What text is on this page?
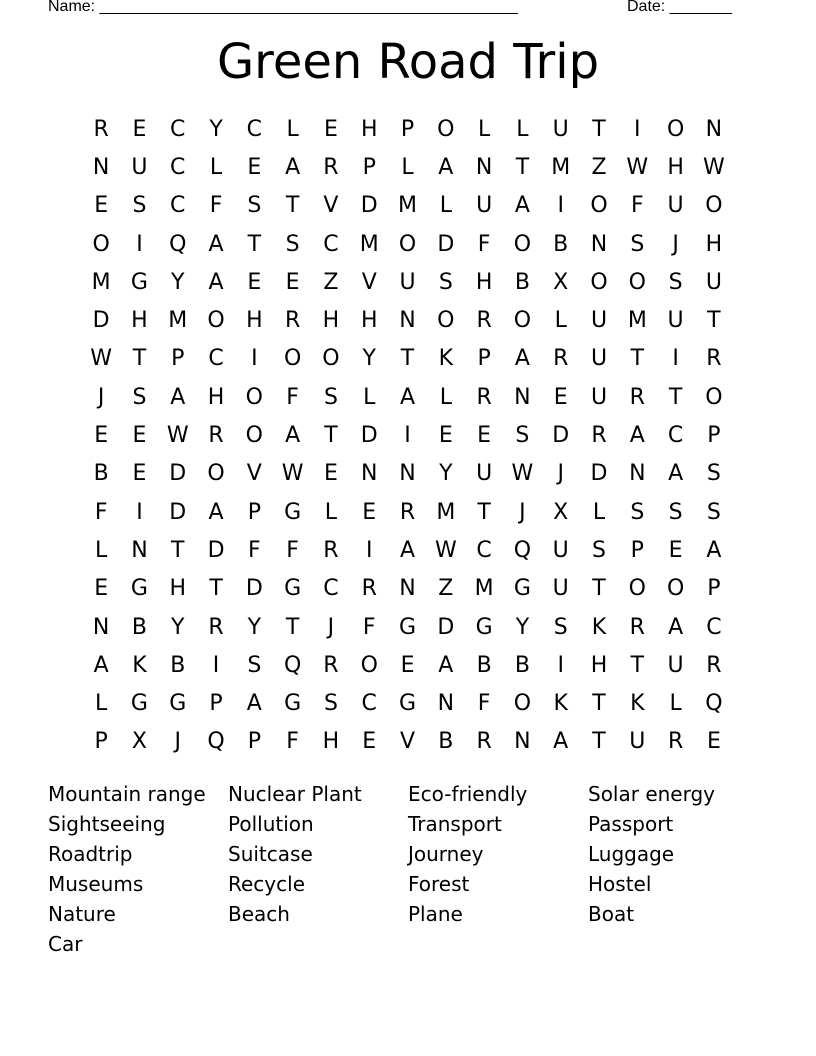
Name: _______________________________________________

	Date: _______

Green Road Trip
R	E	C	Y	C	L	E	H	P	O	L	L	U	T	I	O N
N	U	C	L	E	A	R	P	L	A	N	T	M Z W H W
E	S	C	F	S	T	V	D M	L	U	A	I	O	F	U O
O	I	Q	A	T	S	C M O D	F	O	B	N	S	J	H
M G	Y	A	E	E	Z	V	U	S	H	B	X	O O	S	U
D H M O H	R	H H N O R O	L	U M U	T
W T	P	C	I	O O	Y	T	K	P	A	R	U	T	I	R
J	S	A	H O	F	S	L	A	L	R	N	E	U	R	T	O
E	E W R O	A	T	D	I	E	E	S	D	R	A	C	P
B	E	D O	V W E	N N	Y	U W	J	D N	A	S
F	I	D	A	P	G	L	E	R M	T	J	X	L	S	S	S
L	N	T	D	F	F	R	I	A W C Q U	S	P	E	A
E	G H	T	D G	C	R	N	Z M G U	T	O O	P
N	B	Y	R	Y	T	J	F	G D G	Y	S	K	R	A	C
A	K	B	I	S	Q R O	E	A	B	B	I	H	T	U	R
L	G G	P	A	G	S	C	G N	F	O	K	T	K	L	Q
P	X	J	Q	P	F	H	E	V	B	R	N	A	T	U	R	E
Mountain range	Nuclear Plant	Eco-friendly	Solar energy
Sightseeing	Pollution	Transport	Passport
Roadtrip	Suitcase	Journey	Luggage
Museums	Recycle	Forest	Hostel
Nature	Beach	Plane	Boat
Car
